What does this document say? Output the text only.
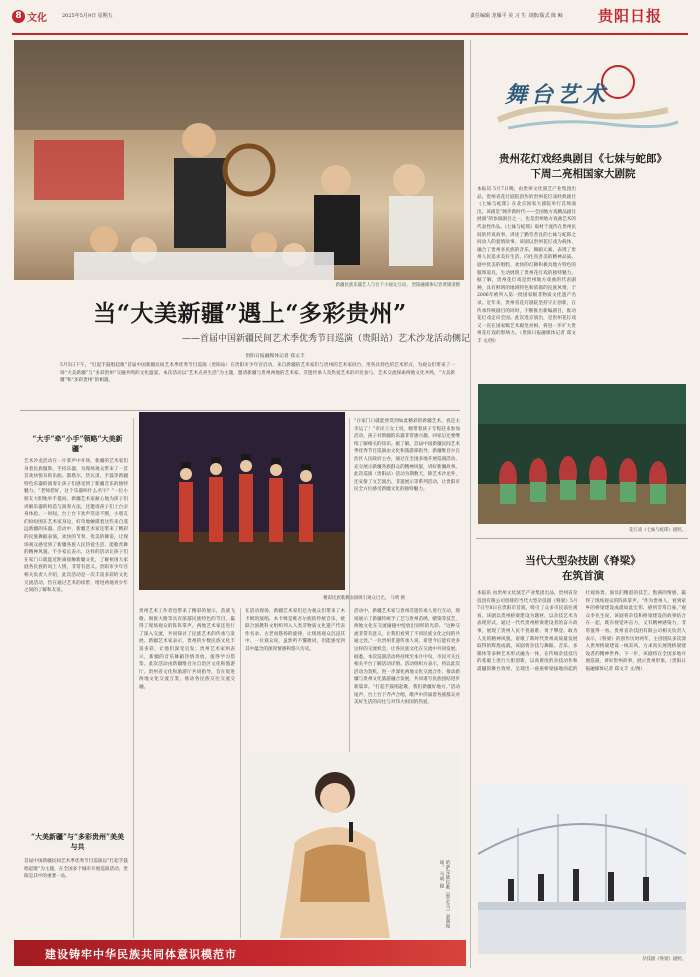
8 文化	2025年5月9日 星期五	责任编辑 龙雁平 美 习 生 刘旗/版式 陈 鲸 贵阳日报
新疆民族乐器艺人与台下小观众互动。 贵阳融媒体记者黄锦清摄
当“大美新疆”遇上“多彩贵州”
——首届中国新疆民间艺术季优秀节目巡演（贵阳站）艺术沙龙活动侧记
贵阳日报融媒体记者 郑文丰
5月5日下午，“打起手鼓唱起歌”首届中国新疆民间艺术季优秀节目巡演（贵阳站）在贵阳市少年宫启动，来自新疆的艺术家们与贵州的艺术家同台，用各具特色的艺术形式，为观众们带来了一场“大美新疆”与“多彩贵州”交融共鸣的文化盛宴。本次活动以“艺术点亮生活”为主题，邀请新疆与贵州两地的艺术家、非遗传承人及热爱艺术的市民参与，艺术交流探索两地文化共鸣，“大美新疆”和“多彩贵州”的相遇。
“大手”牵“小手”领略“大美新疆”
艺术沙龙活动在一片掌声中开场，新疆的艺术家们身着民族服饰，手持乐器，为现场观众带来了一首首欢快悦耳的乐曲。都塔尔、热瓦甫、手鼓等新疆特色乐器的演奏让孩子们感受到了新疆音乐的独特魅力。“老师您好，这个乐器叫什么名字？”一位小朋友大胆地举手提问。新疆艺术家耐心地为孩子们讲解乐器的构造与演奏方法，还邀请孩子们上台亲身体验。一时间，台上台下欢声笑语不断，小朋友们纷纷围在艺术家身边，好奇地触摸着这些来自遥远新疆的乐器。活动中，新疆艺术家还带来了精彩的民族舞蹈表演，欢快的节奏、优美的舞姿，让现场观众感受到了新疆各族人民热爱生活、能歌善舞的精神风貌。不少家长表示，这样的活动让孩子们在家门口就能近距离接触新疆文化，了解祖国大家庭各民族的风土人情，非常有意义。贵阳市少年宫相关负责人介绍，此次活动是一次丰富多彩的文化交流活动，旨在通过艺术的纽带，增进两地青少年之间的了解和友谊。
“大美新疆”与“多彩贵州”美美与共
首届中国新疆民间艺术季优秀节目巡演以“打起手鼓唱起歌”为主题，在全国多个城市开展巡演活动，贵阳是其中的重要一站。
精彩民族歌舞表演吸引观众目光。 马明 摄
“在家门口就能欣赏到如此精彩的新疆艺术，真是太幸运了！”市民王女士说，她带着孩子专程赶来参加活动，孩子对新疆的乐器非常感兴趣，回家后还要继续了解相关的知识。据了解，首届中国新疆民间艺术季优秀节目巡演由文化和旅游部指导，新疆维吾尔自治区人民政府主办，通过在全国多地开展巡演活动，充分展示新疆各族群众的精神风貌，讲好新疆故事。此次巡演（贵阳站）活动为期数天，除艺术沙龙外，还安排了文艺演出、非遗展示等系列活动，让贵阳市民全方位感受新疆文化的独特魅力。
贵州艺术工作者也带来了精彩的展示，苗族飞歌、侗族大歌等具有浓郁民族特色的节目，赢得了现场观众的阵阵掌声。两地艺术家还进行了深入交流，共同探讨了民族艺术的传承与发展。新疆艺术家表示，贵州的少数民族文化丰富多彩，让他们深受启发；贵州艺术家则表示，新疆的音乐舞蹈热情奔放，值得学习借鉴。此次活动由新疆维吾尔自治区文化和旅游厅、贵州省文化和旅游厅共同指导，旨在促进两地文化交流互鉴，推动各民族交往交流交融。
在活动现场，新疆艺术家们还为观众们带来了木卡姆的演唱。木卡姆是维吾尔族的传统音乐，被联合国教科文组织列入人类非物质文化遗产代表作名录。古老而悠扬的旋律，让现场观众沉浸其中。一位观众说，虽然听不懂歌词，但能感受到其中蕴含的深厚情感和悠久历史。
活动中，新疆艺术家与贵州非遗传承人进行互动，现场展示了新疆传统手工艺与贵州苗绣、蜡染等技艺，两地文化在交流碰撞中绽放出别样的光彩。“这种交流非常有意义，让我们看到了不同民族文化之间的共通之处。”一位贵州非遗传承人说，希望今后能有更多这样的交流机会，让各民族文化在交流中共同发展。据悉，本次巡演活动将持续至本月中旬，市民可关注相关平台了解活动详情。活动组织方表示，将以此次活动为契机，进一步深化两地文化交流合作，推动新疆与贵州文化旅游融合发展，共同谱写民族团结进步新篇章。“打起手鼓唱起歌，我们新疆好地方。”活动尾声，台上台下齐声合唱，歌声中洋溢着各族群众对美好生活的向往与对伟大祖国的热爱。
哈萨克族民歌《黑走马》表演现场。 马明 摄
建设铸牢中华民族共同体意识模范市
舞台艺术
贵州花灯戏经典剧目《七妹与蛇郎》
下周二亮相国家大剧院
本报讯 5月7日晚，由贵州文化演艺产业集团出品，贵州省花灯剧院创作的贵州花灯戏经典剧目《七妹与蛇郎》在北京国家大剧院举行首场演出。该剧是“阔步新时代——全国地方戏精品剧目展演”的参演剧目之一，也是贵州地方戏曲艺术的代表性作品。《七妹与蛇郎》取材于流传在贵州民间的传说故事，讲述了勤劳善良的七妹与蛇郎之间动人的爱情故事。该剧以贵州花灯戏为载体，融合了贵州多民族的音乐、舞蹈元素，表现了贵州人民追求美好生活、向往真善美的精神品质。剧中优美的唱腔、欢快的灯舞和极具地方特色的服饰道具，生动展现了贵州花灯戏的独特魅力。据了解，贵州花灯戏是贵州地方戏曲的代表剧种，具有鲜明的地域特色和浓郁的民族风情，于2006年被列入第一批国家级非物质文化遗产名录。近年来，贵州省花灯剧院坚持守正创新，在传承传统剧目的同时，不断推出新编剧目，推动花灯戏走向全国。此次进京演出，是贵州花灯戏又一次在国家级艺术殿堂亮相，将进一步扩大贵州花灯戏的影响力。（贵阳日报融媒体记者 郑文丰 文/图）
花灯戏《七妹与蛇郎》剧照。
当代大型杂技剧《脊梁》
在筑首演
本报讯 由贵州文化演艺产业集团出品，贵州省杂技团有限公司创排的当代大型杂技剧《脊梁》5月7日至8日在贵阳市首演，吸引了众多市民前往观看。该剧以贵州桥梁建设为题材，以杂技艺术为表现形式，通过一代代贵州桥梁建设者的奋斗故事，展现了贵州人民不畏艰难、勇于攀登、敢为人先的精神风貌，讴歌了新时代贵州高质量发展取得的辉煌成就。该剧将杂技与舞蹈、音乐、多媒体等多种艺术形式融为一体，在传统杂技技巧的基础上进行大胆创新，以高难度的杂技动作和震撼的舞台效果，呈现出一座座桥梁拔地而起的壮观场景。演员们精湛的技艺、饱满的情感，赢得了现场观众的阵阵掌声。“作为贵州人，看到家乡的桥梁建设成就如此宏伟，感到非常自豪。”观众李先生说，该剧将杂技和桥梁建设的故事结合在一起，既有视觉冲击力，又有精神感染力，非常值得一看。贵州省杂技团有限公司相关负责人表示，《脊梁》的创作历时两年，主创团队多次深入贵州桥梁建设一线采风，力求真实展现桥梁建设者的精神世界。下一步，该剧将在全国多地开展巡演，讲好贵州故事，展示贵州形象。（贵阳日报融媒体记者 郑文丰 文/图）
杂技剧《脊梁》剧照。
